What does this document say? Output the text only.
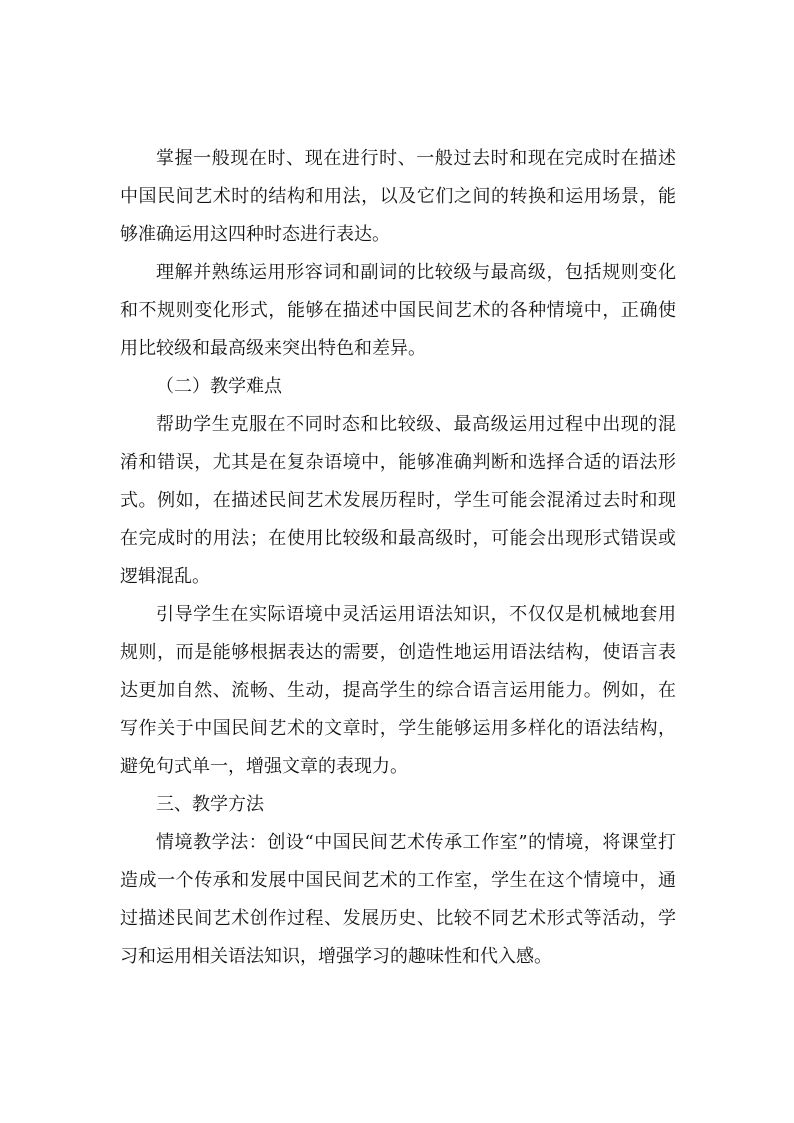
掌握一般现在时、现在进行时、一般过去时和现在完成时在描述中国民间艺术时的结构和用法，以及它们之间的转换和运用场景，能够准确运用这四种时态进行表达。

理解并熟练运用形容词和副词的比较级与最高级，包括规则变化和不规则变化形式，能够在描述中国民间艺术的各种情境中，正确使用比较级和最高级来突出特色和差异。

（二）教学难点

帮助学生克服在不同时态和比较级、最高级运用过程中出现的混淆和错误，尤其是在复杂语境中，能够准确判断和选择合适的语法形式。例如，在描述民间艺术发展历程时，学生可能会混淆过去时和现在完成时的用法；在使用比较级和最高级时，可能会出现形式错误或逻辑混乱。

引导学生在实际语境中灵活运用语法知识，不仅仅是机械地套用规则，而是能够根据表达的需要，创造性地运用语法结构，使语言表达更加自然、流畅、生动，提高学生的综合语言运用能力。例如，在写作关于中国民间艺术的文章时，学生能够运用多样化的语法结构，避免句式单一，增强文章的表现力。

三、教学方法

情境教学法：创设“中国民间艺术传承工作室”的情境，将课堂打造成一个传承和发展中国民间艺术的工作室，学生在这个情境中，通过描述民间艺术创作过程、发展历史、比较不同艺术形式等活动，学习和运用相关语法知识，增强学习的趣味性和代入感。
